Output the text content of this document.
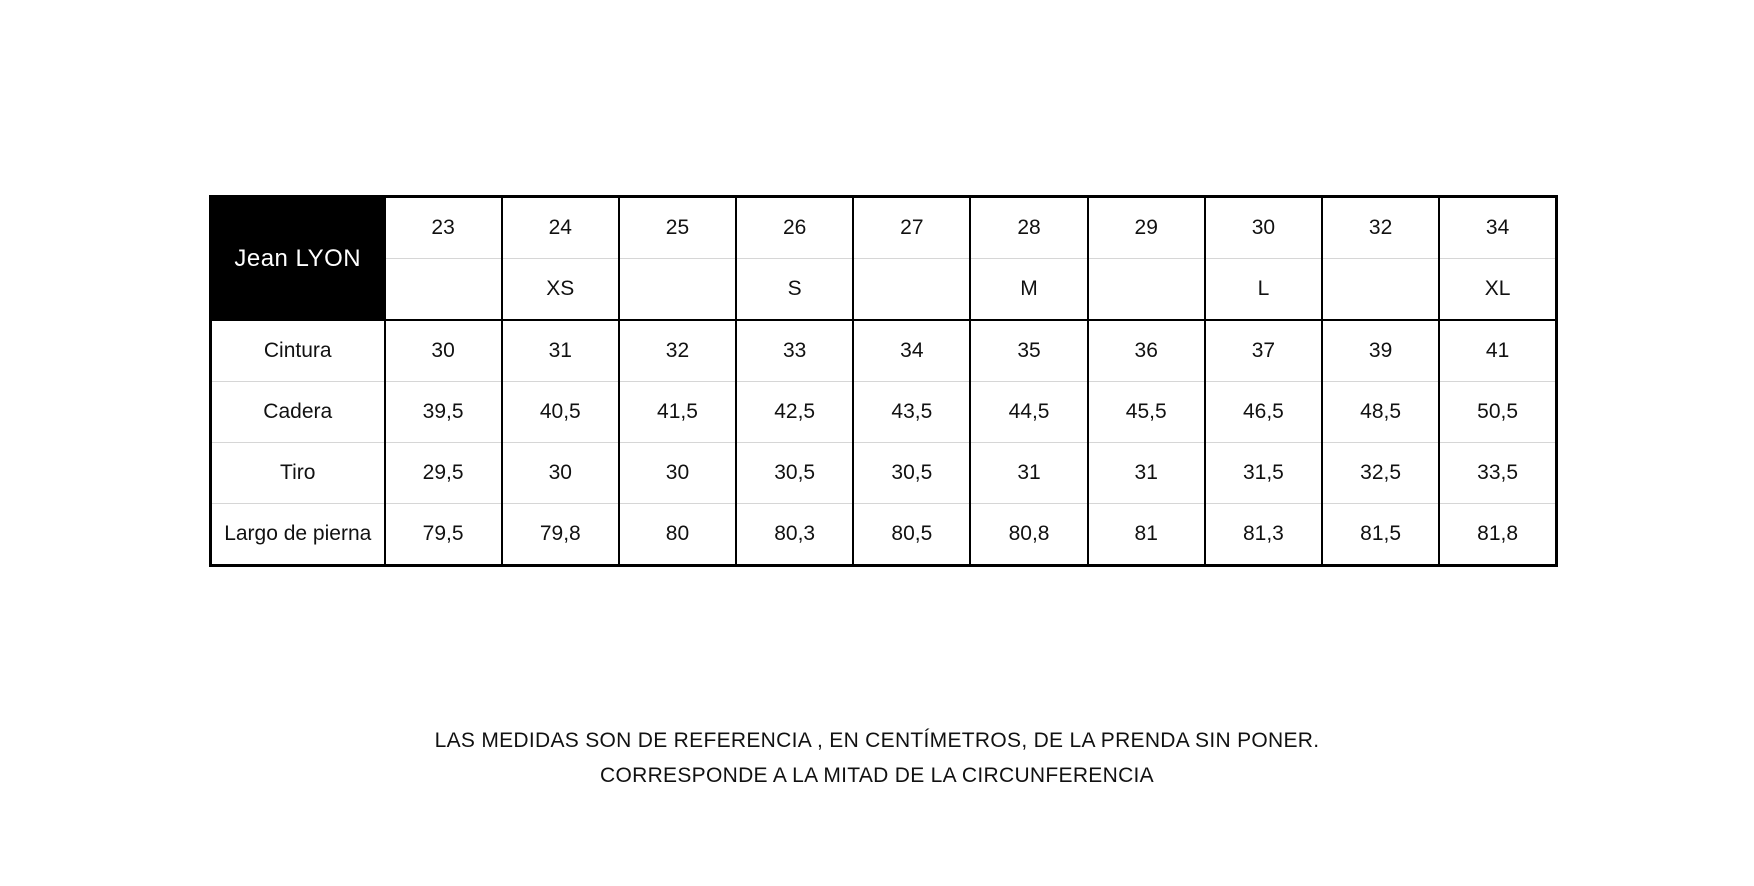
Jean LYON	23	24	25	26	27	28	29	30	32	34
		XS		S		M		L		XL
Cintura	30	31	32	33	34	35	36	37	39	41
Cadera	39,5	40,5	41,5	42,5	43,5	44,5	45,5	46,5	48,5	50,5
Tiro	29,5	30	30	30,5	30,5	31	31	31,5	32,5	33,5
Largo de pierna	79,5	79,8	80	80,3	80,5	80,8	81	81,3	81,5	81,8
LAS MEDIDAS SON DE REFERENCIA , EN CENTÍMETROS, DE LA PRENDA SIN PONER.
CORRESPONDE A LA MITAD DE LA CIRCUNFERENCIA
